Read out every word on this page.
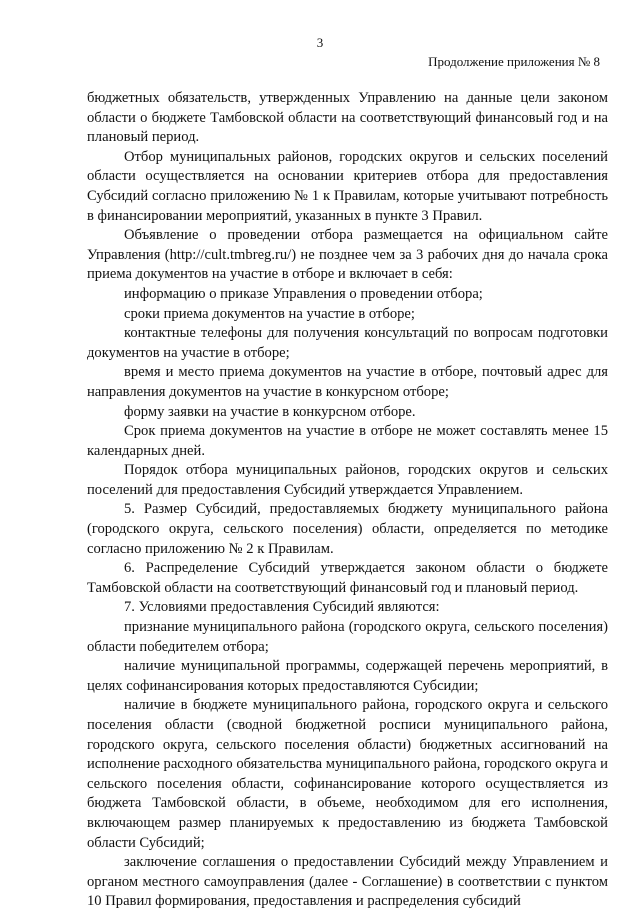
3
Продолжение приложения № 8

бюджетных обязательств, утвержденных Управлению на данные цели законом области о бюджете Тамбовской области на соответствующий финансовый год и на плановый период.

Отбор муниципальных районов, городских округов и сельских поселений области осуществляется на основании критериев отбора для предоставления Субсидий согласно приложению № 1 к Правилам, которые учитывают потребность в финансировании мероприятий, указанных в пункте 3 Правил.

Объявление о проведении отбора размещается на официальном сайте Управления (http://cult.tmbreg.ru/) не позднее чем за 3 рабочих дня до начала срока приема документов на участие в отборе и включает в себя:

информацию о приказе Управления о проведении отбора;

сроки приема документов на участие в отборе;

контактные телефоны для получения консультаций по вопросам подготовки документов на участие в отборе;

время и место приема документов на участие в отборе, почтовый адрес для направления документов на участие в конкурсном отборе;

форму заявки на участие в конкурсном отборе.

Срок приема документов на участие в отборе не может составлять менее 15 календарных дней.

Порядок отбора муниципальных районов, городских округов и сельских поселений для предоставления Субсидий утверждается Управлением.

5. Размер Субсидий, предоставляемых бюджету муниципального района (городского округа, сельского поселения) области, определяется по методике согласно приложению № 2 к Правилам.

6. Распределение Субсидий утверждается законом области о бюджете Тамбовской области на соответствующий финансовый год и плановый период.

7. Условиями предоставления Субсидий являются:

признание муниципального района (городского округа, сельского поселения) области победителем отбора;

наличие муниципальной программы, содержащей перечень мероприятий, в целях софинансирования которых предоставляются Субсидии;

наличие в бюджете муниципального района, городского округа и сельского поселения области (сводной бюджетной росписи муниципального района, городского округа, сельского поселения области) бюджетных ассигнований на исполнение расходного обязательства муниципального района, городского округа и сельского поселения области, софинансирование которого осуществляется из бюджета Тамбовской области, в объеме, необходимом для его исполнения, включающем размер планируемых к предоставлению из бюджета Тамбовской области Субсидий;

заключение соглашения о предоставлении Субсидий между Управлением и органом местного самоуправления (далее - Соглашение) в соответствии с пунктом 10 Правил формирования, предоставления и распределения субсидий
